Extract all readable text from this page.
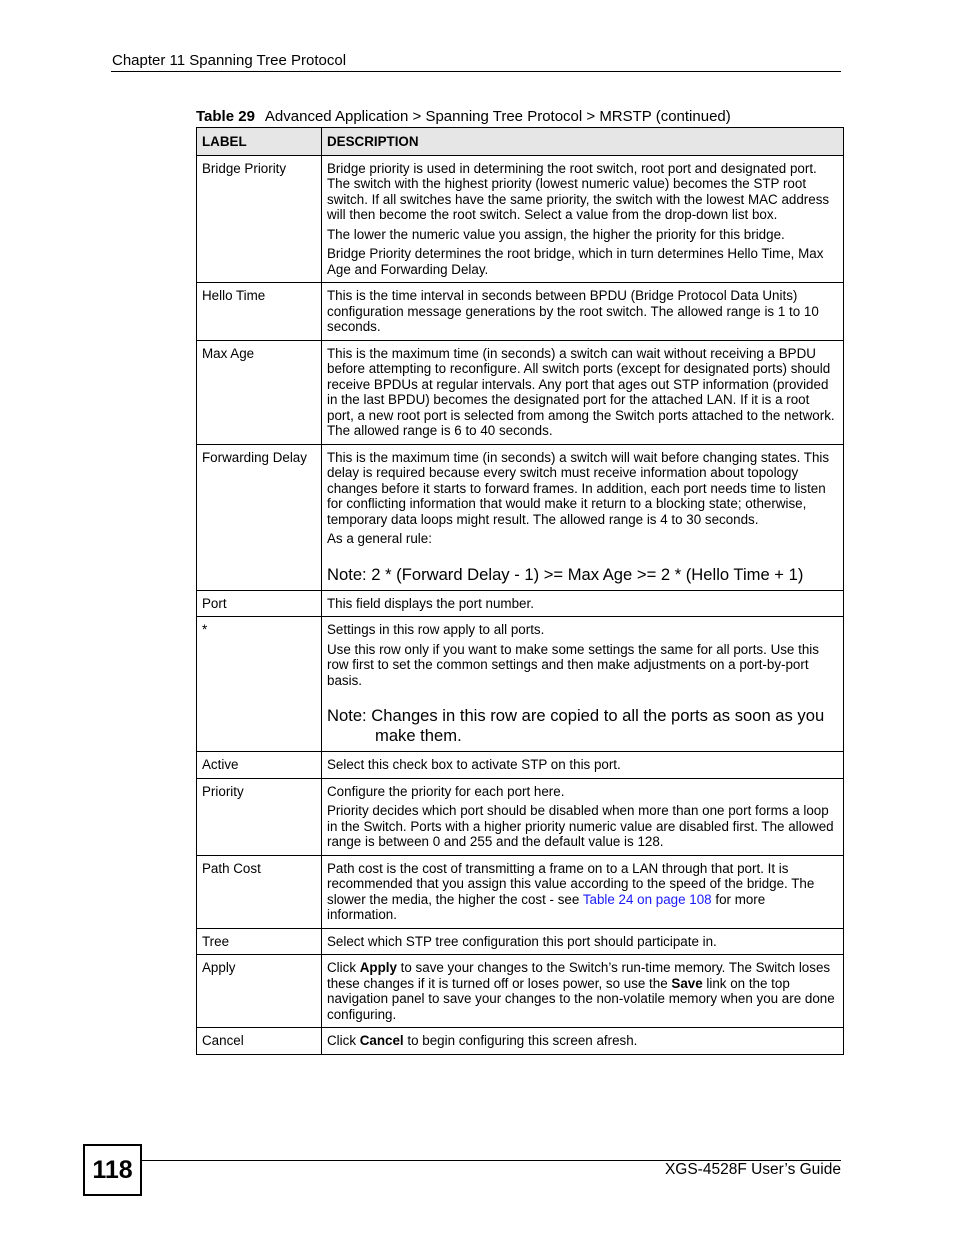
Chapter 11 Spanning Tree Protocol
Table 29 Advanced Application > Spanning Tree Protocol > MRSTP (continued)
LABEL	DESCRIPTION
Bridge Priority	Bridge priority is used in determining the root switch, root port and designated port. The switch with the highest priority (lowest numeric value) becomes the STP root switch. If all switches have the same priority, the switch with the lowest MAC address will then become the root switch. Select a value from the drop-down list box.

The lower the numeric value you assign, the higher the priority for this bridge.

Bridge Priority determines the root bridge, which in turn determines Hello Time, Max Age and Forwarding Delay.

Hello Time	This is the time interval in seconds between BPDU (Bridge Protocol Data Units) configuration message generations by the root switch. The allowed range is 1 to 10 seconds.

Max Age	This is the maximum time (in seconds) a switch can wait without receiving a BPDU before attempting to reconfigure. All switch ports (except for designated ports) should receive BPDUs at regular intervals. Any port that ages out STP information (provided in the last BPDU) becomes the designated port for the attached LAN. If it is a root port, a new root port is selected from among the Switch ports attached to the network. The allowed range is 6 to 40 seconds.

Forwarding Delay	This is the maximum time (in seconds) a switch will wait before changing states. This delay is required because every switch must receive information about topology changes before it starts to forward frames. In addition, each port needs time to listen for conflicting information that would make it return to a blocking state; otherwise, temporary data loops might result. The allowed range is 4 to 30 seconds.

As a general rule:

Note: 2 * (Forward Delay - 1) >= Max Age >= 2 * (Hello Time + 1)

Port	This field displays the port number.

*	Settings in this row apply to all ports.

Use this row only if you want to make some settings the same for all ports. Use this row first to set the common settings and then make adjustments on a port-by-port basis.

Note: Changes in this row are copied to all the ports as soon as you make them.

Active	Select this check box to activate STP on this port.

Priority	Configure the priority for each port here.

Priority decides which port should be disabled when more than one port forms a loop in the Switch. Ports with a higher priority numeric value are disabled first. The allowed range is between 0 and 255 and the default value is 128.

Path Cost	Path cost is the cost of transmitting a frame on to a LAN through that port. It is recommended that you assign this value according to the speed of the bridge. The slower the media, the higher the cost - see Table 24 on page 108 for more information.

Tree	Select which STP tree configuration this port should participate in.

Apply	Click Apply to save your changes to the Switch’s run-time memory. The Switch loses these changes if it is turned off or loses power, so use the Save link on the top navigation panel to save your changes to the non-volatile memory when you are done configuring.

Cancel	Click Cancel to begin configuring this screen afresh.

118	XGS-4528F User’s Guide
